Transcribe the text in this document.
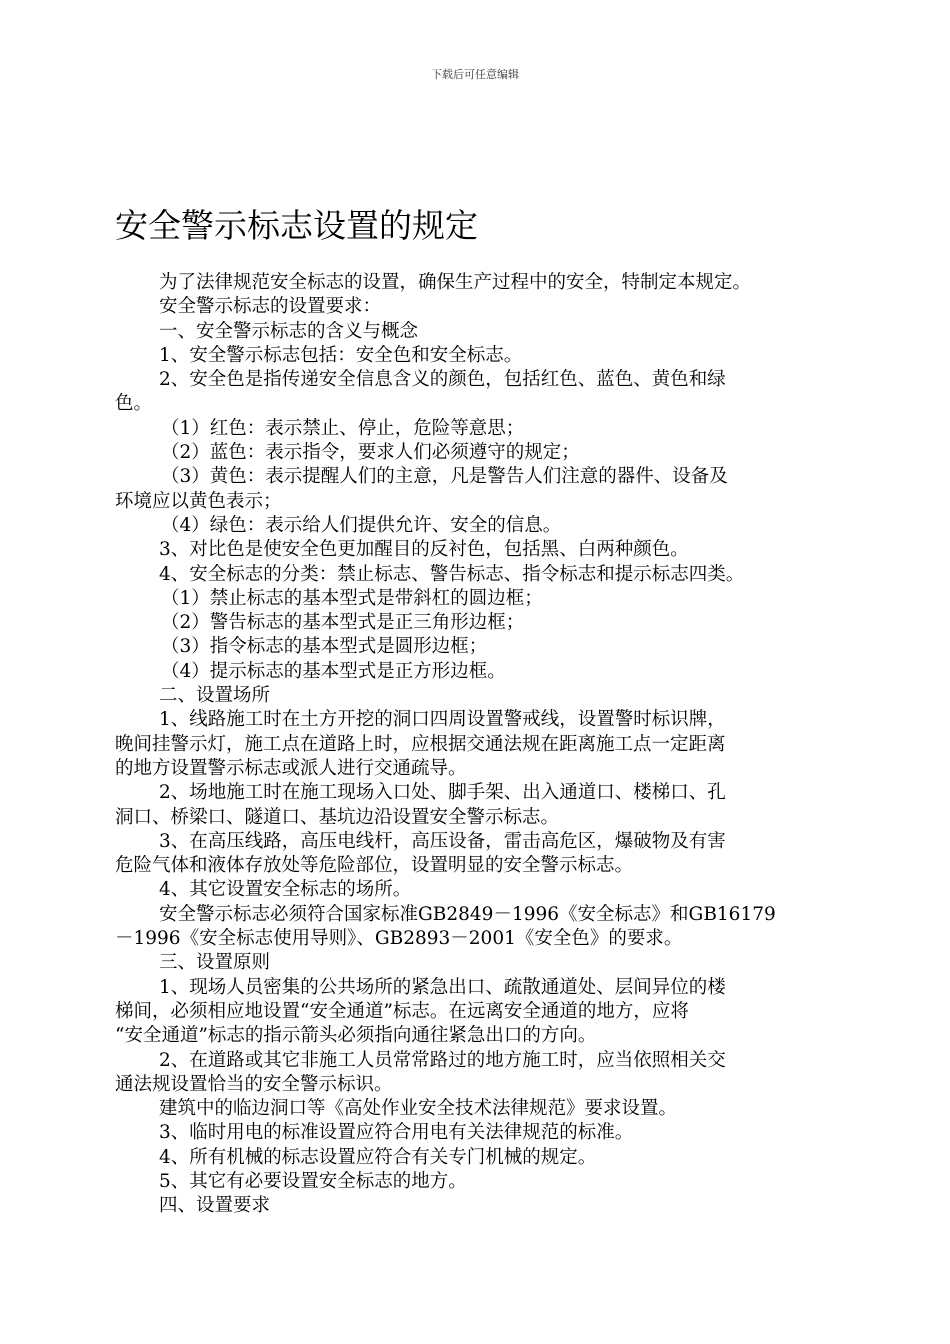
下载后可任意编辑
安全警示标志设置的规定
为了法律规范安全标志的设置，确保生产过程中的安全，特制定本规定。
安全警示标志的设置要求：
一、安全警示标志的含义与概念
1、安全警示标志包括：安全色和安全标志。
2、安全色是指传递安全信息含义的颜色，包括红色、蓝色、黄色和绿
色。
（1）红色：表示禁止、停止，危险等意思；
（2）蓝色：表示指令，要求人们必须遵守的规定；
（3）黄色：表示提醒人们的主意，凡是警告人们注意的器件、设备及
环境应以黄色表示；
（4）绿色：表示给人们提供允许、安全的信息。
3、对比色是使安全色更加醒目的反衬色，包括黑、白两种颜色。
4、安全标志的分类：禁止标志、警告标志、指令标志和提示标志四类。
（1）禁止标志的基本型式是带斜杠的圆边框；
（2）警告标志的基本型式是正三角形边框；
（3）指令标志的基本型式是圆形边框；
（4）提示标志的基本型式是正方形边框。
二、设置场所
1、线路施工时在土方开挖的洞口四周设置警戒线，设置警时标识牌，
晚间挂警示灯，施工点在道路上时，应根据交通法规在距离施工点一定距离
的地方设置警示标志或派人进行交通疏导。
2、场地施工时在施工现场入口处、脚手架、出入通道口、楼梯口、孔
洞口、桥梁口、隧道口、基坑边沿设置安全警示标志。
3、在高压线路，高压电线杆，高压设备，雷击高危区，爆破物及有害
危险气体和液体存放处等危险部位，设置明显的安全警示标志。
4、其它设置安全标志的场所。
安全警示标志必须符合国家标准GB2849－1996《安全标志》和GB16179
－1996《安全标志使用导则》、GB2893－2001《安全色》的要求。
三、设置原则
1、现场人员密集的公共场所的紧急出口、疏散通道处、层间异位的楼
梯间，必须相应地设置“安全通道”标志。在远离安全通道的地方，应将
“安全通道”标志的指示箭头必须指向通往紧急出口的方向。
2、在道路或其它非施工人员常常路过的地方施工时，应当依照相关交
通法规设置恰当的安全警示标识。
建筑中的临边洞口等《高处作业安全技术法律规范》要求设置。
3、临时用电的标准设置应符合用电有关法律规范的标准。
4、所有机械的标志设置应符合有关专门机械的规定。
5、其它有必要设置安全标志的地方。
四、设置要求
